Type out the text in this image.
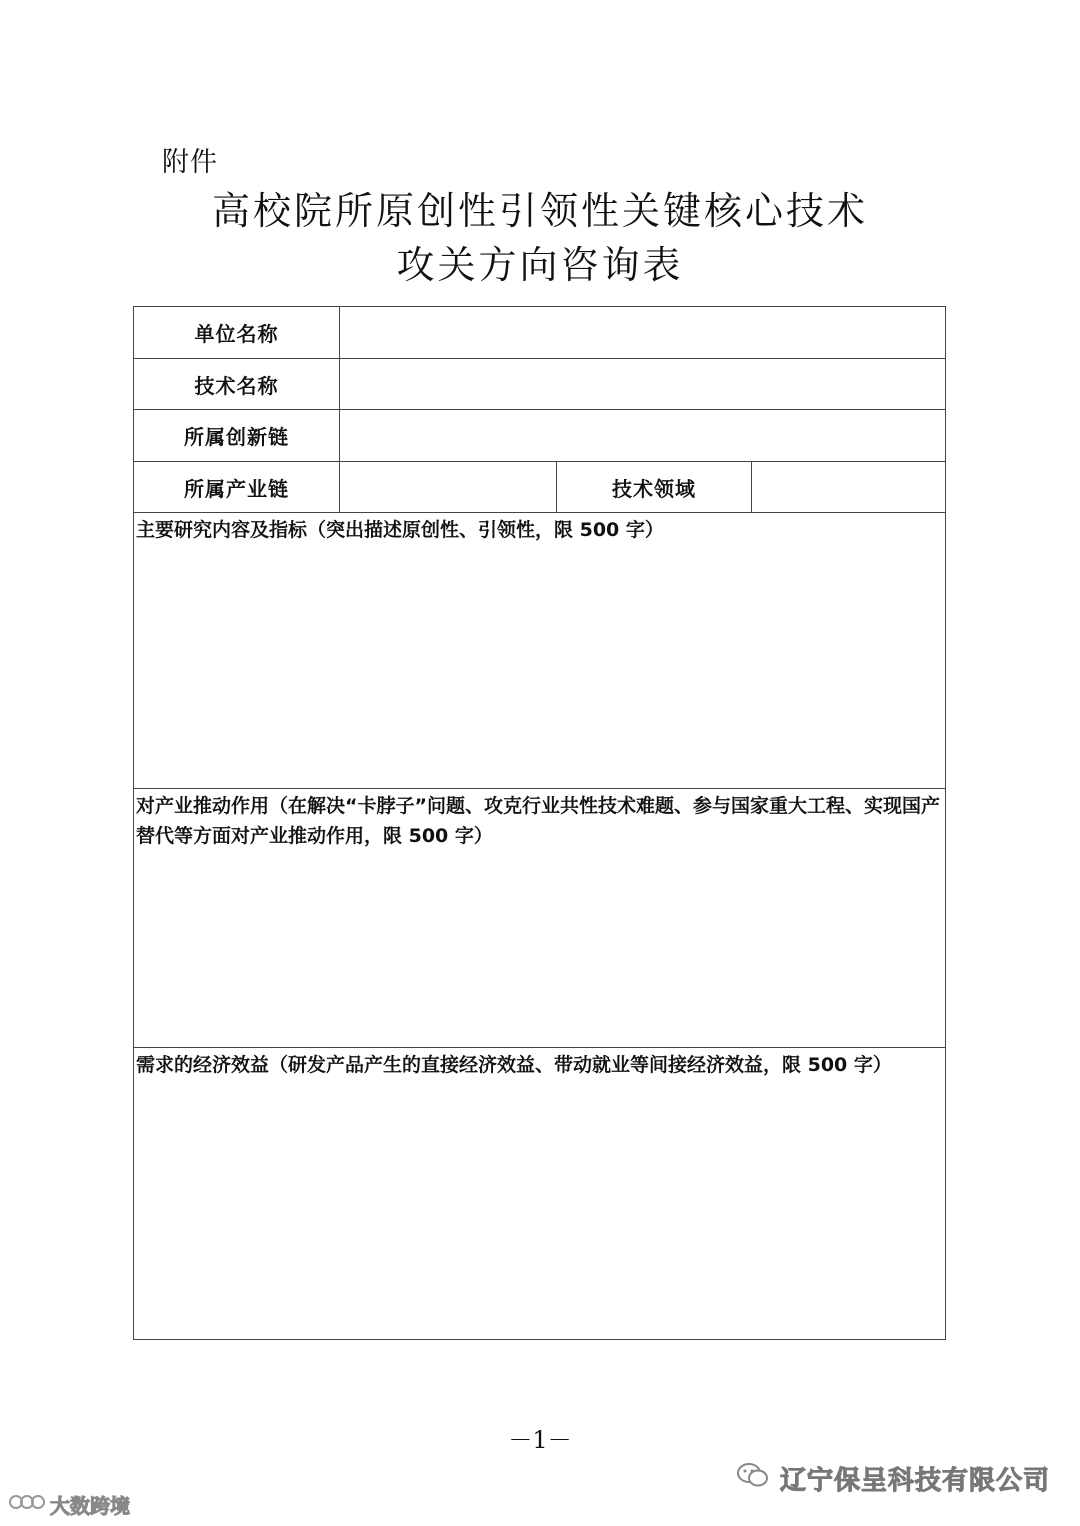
附件
高校院所原创性引领性关键核心技术
攻关方向咨询表
单位名称
技术名称
所属创新链
所属产业链	技术领域
主要研究内容及指标（突出描述原创性、引领性，限 500 字）
对产业推动作用（在解决“卡脖子”问题、攻克行业共性技术难题、参与国家重大工程、实现国产替代等方面对产业推动作用，限 500 字）
需求的经济效益（研发产品产生的直接经济效益、带动就业等间接经济效益，限 500 字）
－1－
大数跨境
辽宁保呈科技有限公司
